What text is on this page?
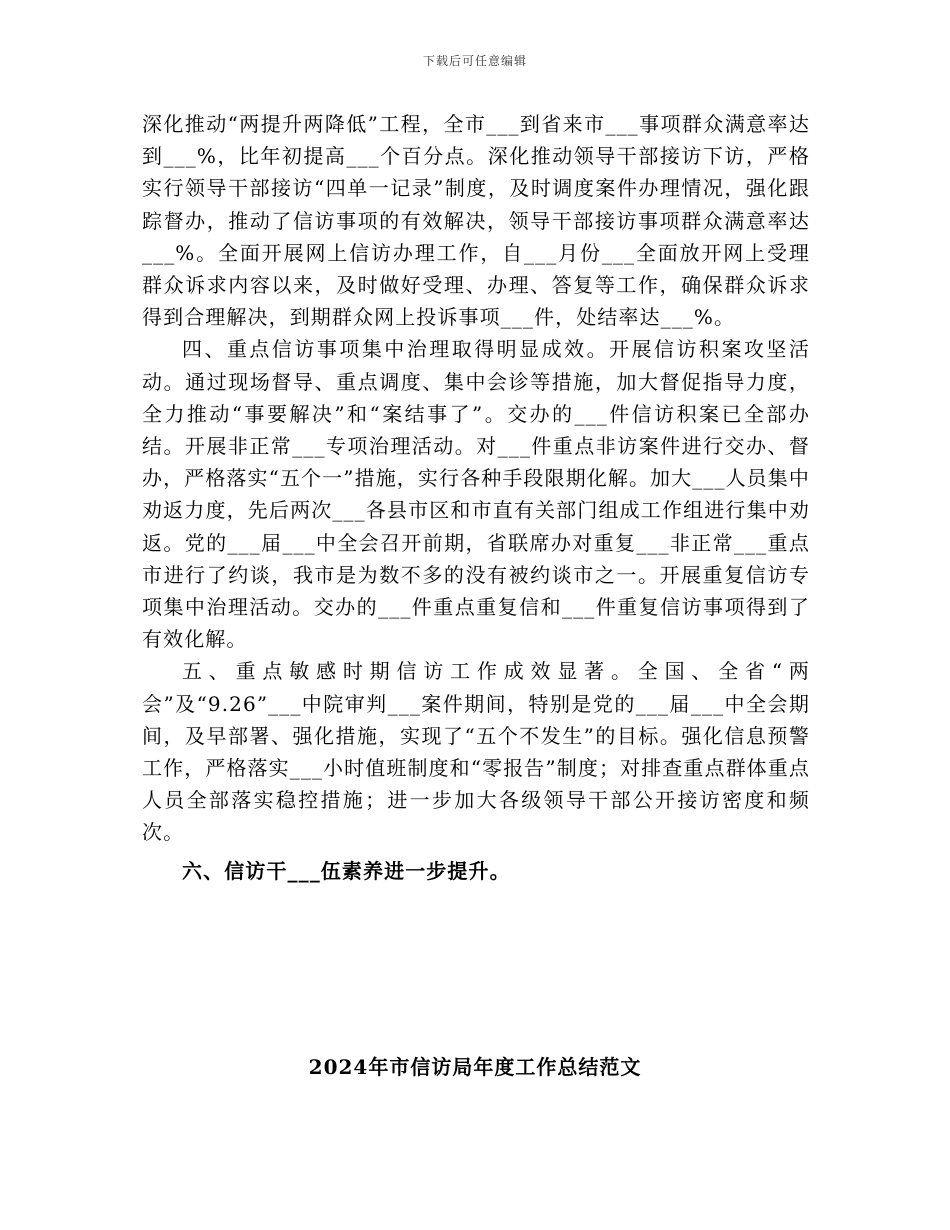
下载后可任意编辑

深化推动“两提升两降低”工程，全市___到省来市___事项群众满意率达到___%，比年初提高___个百分点。深化推动领导干部接访下访，严格实行领导干部接访“四单一记录”制度，及时调度案件办理情况，强化跟踪督办，推动了信访事项的有效解决，领导干部接访事项群众满意率达___%。全面开展网上信访办理工作，自___月份___全面放开网上受理群众诉求内容以来，及时做好受理、办理、答复等工作，确保群众诉求得到合理解决，到期群众网上投诉事项___件，处结率达___%。

四、重点信访事项集中治理取得明显成效。开展信访积案攻坚活动。通过现场督导、重点调度、集中会诊等措施，加大督促指导力度，全力推动“事要解决”和“案结事了”。交办的___件信访积案已全部办结。开展非正常___专项治理活动。对___件重点非访案件进行交办、督办，严格落实“五个一”措施，实行各种手段限期化解。加大___人员集中劝返力度，先后两次___各县市区和市直有关部门组成工作组进行集中劝返。党的___届___中全会召开前期，省联席办对重复___非正常___重点市进行了约谈，我市是为数不多的没有被约谈市之一。开展重复信访专项集中治理活动。交办的___件重点重复信和___件重复信访事项得到了有效化解。

五、重点敏感时期信访工作成效显著。全国、全省“两会”及“9.26”___中院审判___案件期间，特别是党的___届___中全会期间，及早部署、强化措施，实现了“五个不发生”的目标。强化信息预警工作，严格落实___小时值班制度和“零报告”制度；对排查重点群体重点人员全部落实稳控措施；进一步加大各级领导干部公开接访密度和频次。

六、信访干___伍素养进一步提升。

2024年市信访局年度工作总结范文
